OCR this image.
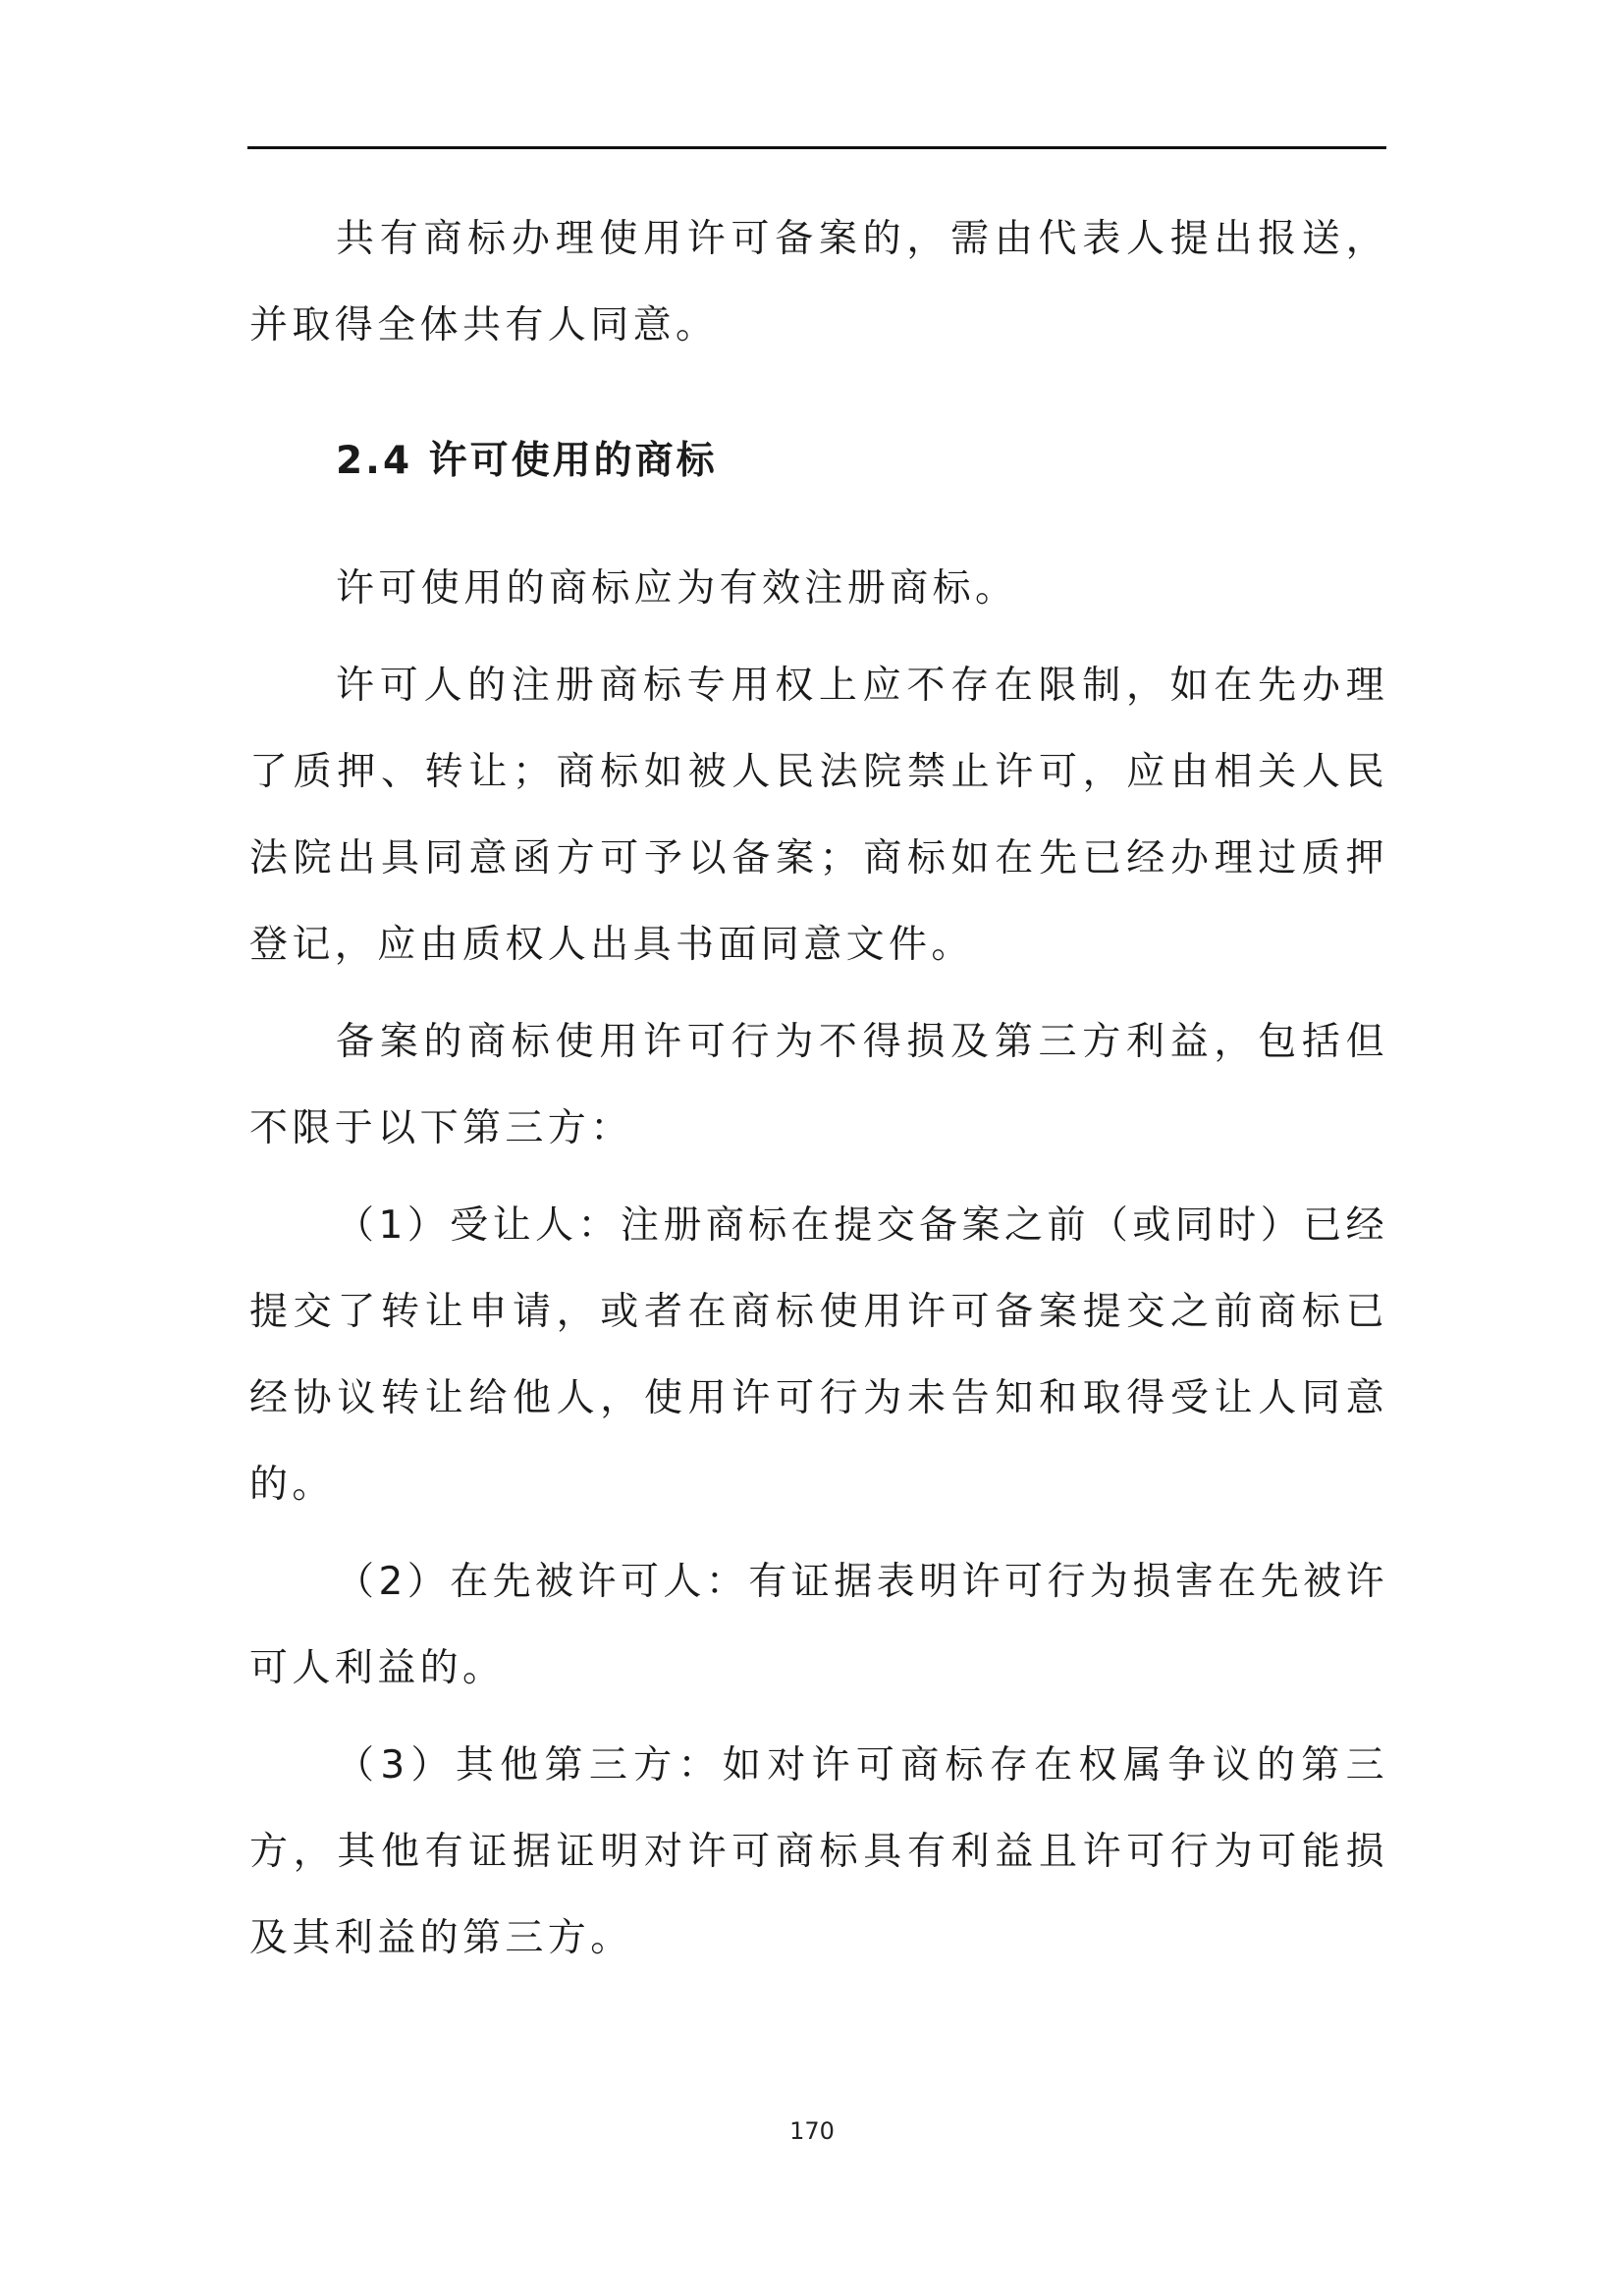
共有商标办理使用许可备案的，需由代表人提出报送，并取得全体共有人同意。

2.4 许可使用的商标

许可使用的商标应为有效注册商标。

许可人的注册商标专用权上应不存在限制，如在先办理了质押、转让；商标如被人民法院禁止许可，应由相关人民法院出具同意函方可予以备案；商标如在先已经办理过质押登记，应由质权人出具书面同意文件。

备案的商标使用许可行为不得损及第三方利益，包括但不限于以下第三方：

（1）受让人：注册商标在提交备案之前（或同时）已经提交了转让申请，或者在商标使用许可备案提交之前商标已经协议转让给他人，使用许可行为未告知和取得受让人同意的。

（2）在先被许可人：有证据表明许可行为损害在先被许可人利益的。

（3）其他第三方：如对许可商标存在权属争议的第三方，其他有证据证明对许可商标具有利益且许可行为可能损及其利益的第三方。

170
